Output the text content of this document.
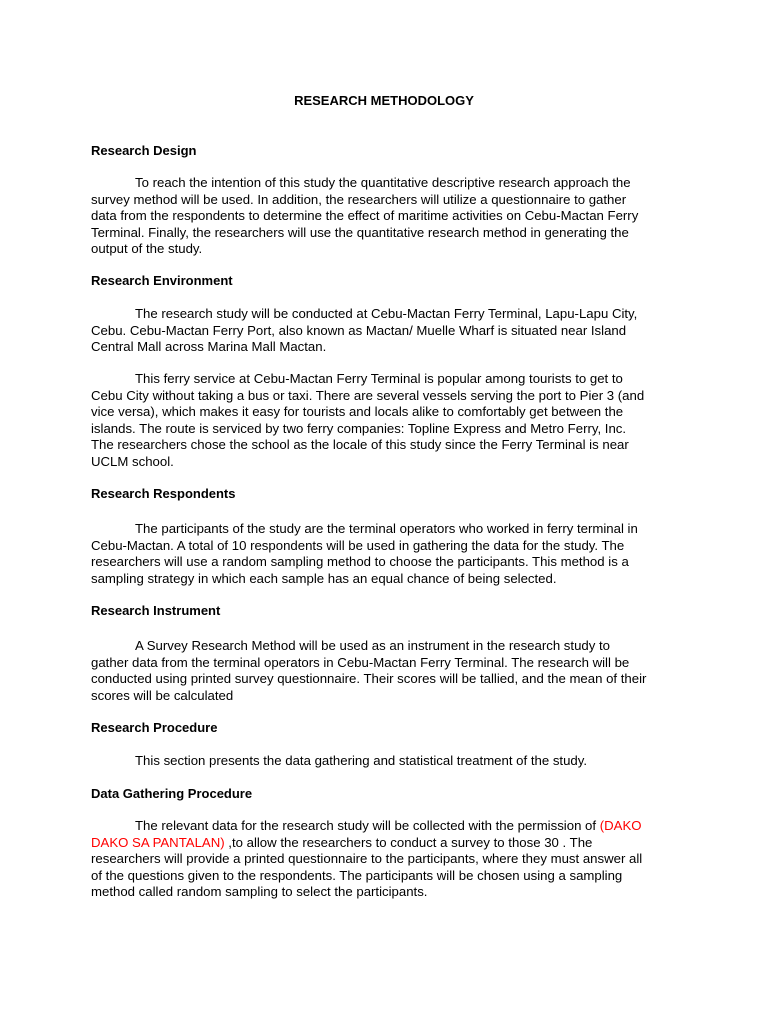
RESEARCH METHODOLOGY
Research Design
To reach the intention of this study the quantitative descriptive research approach the
survey method will be used. In addition, the researchers will utilize a questionnaire to gather
data from the respondents to determine the effect of maritime activities on Cebu-Mactan Ferry
Terminal. Finally, the researchers will use the quantitative research method in generating the
output of the study.
Research Environment
The research study will be conducted at Cebu-Mactan Ferry Terminal, Lapu-Lapu City,
Cebu. Cebu-Mactan Ferry Port, also known as Mactan/ Muelle Wharf is situated near Island
Central Mall across Marina Mall Mactan.
This ferry service at Cebu-Mactan Ferry Terminal is popular among tourists to get to
Cebu City without taking a bus or taxi. There are several vessels serving the port to Pier 3 (and
vice versa), which makes it easy for tourists and locals alike to comfortably get between the
islands. The route is serviced by two ferry companies: Topline Express and Metro Ferry, Inc.
The researchers chose the school as the locale of this study since the Ferry Terminal is near
UCLM school.
Research Respondents
The participants of the study are the terminal operators who worked in ferry terminal in
Cebu-Mactan. A total of 10 respondents will be used in gathering the data for the study. The
researchers will use a random sampling method to choose the participants. This method is a
sampling strategy in which each sample has an equal chance of being selected.
Research Instrument
A Survey Research Method will be used as an instrument in the research study to
gather data from the terminal operators in Cebu-Mactan Ferry Terminal. The research will be
conducted using printed survey questionnaire. Their scores will be tallied, and the mean of their
scores will be calculated
Research Procedure
This section presents the data gathering and statistical treatment of the study.
Data Gathering Procedure
The relevant data for the research study will be collected with the permission of (DAKO
DAKO SA PANTALAN) ,to allow the researchers to conduct a survey to those 30 . The
researchers will provide a printed questionnaire to the participants, where they must answer all
of the questions given to the respondents. The participants will be chosen using a sampling
method called random sampling to select the participants.
